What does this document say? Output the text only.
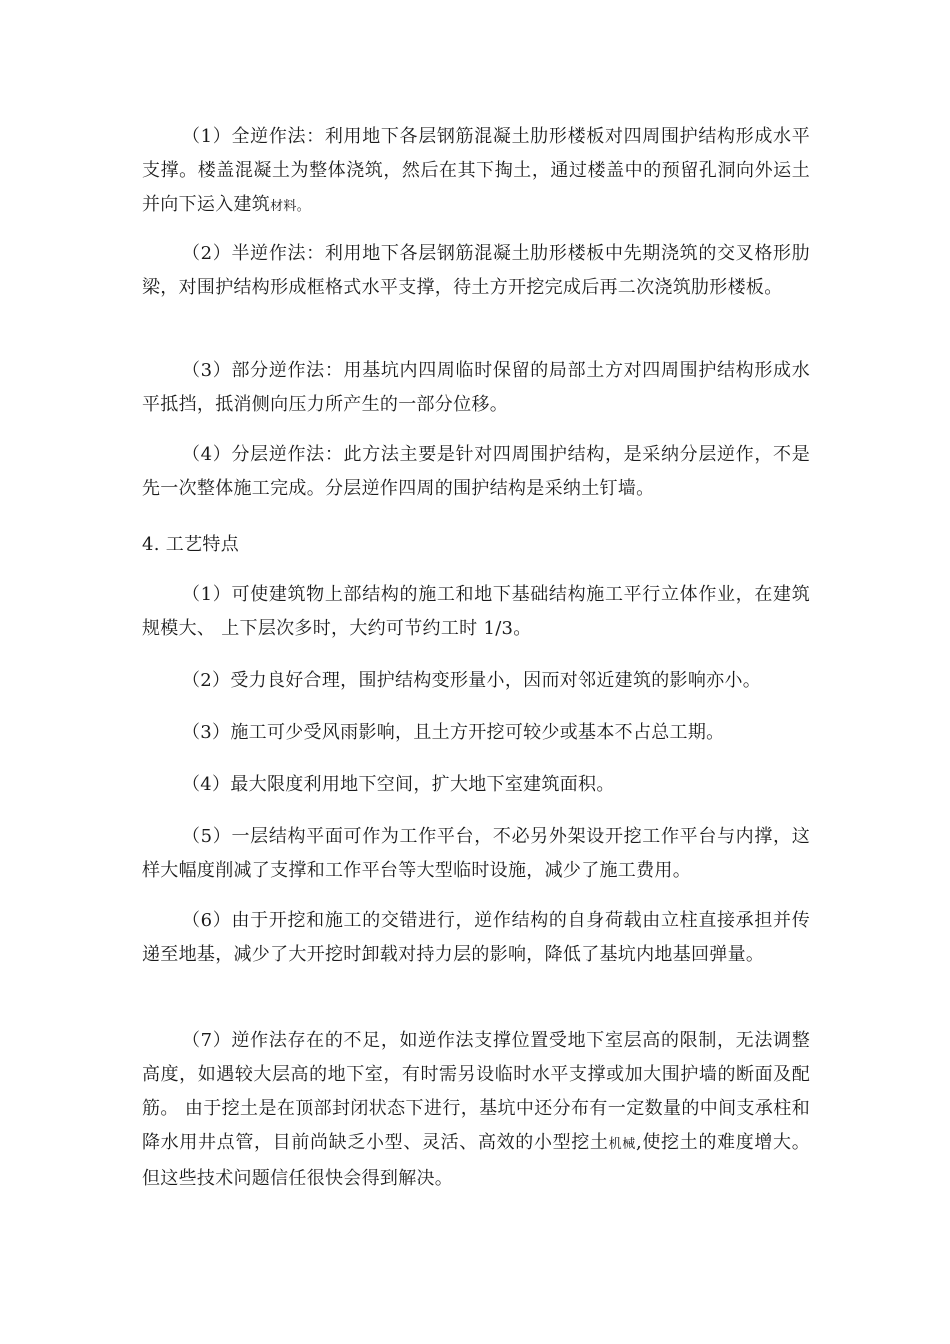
（1）全逆作法：利用地下各层钢筋混凝土肋形楼板对四周围护结构形成水平支撑。楼盖混凝土为整体浇筑，然后在其下掏土，通过楼盖中的预留孔洞向外运土并向下运入建筑材料。

（2）半逆作法：利用地下各层钢筋混凝土肋形楼板中先期浇筑的交叉格形肋梁，对围护结构形成框格式水平支撑，待土方开挖完成后再二次浇筑肋形楼板。

（3）部分逆作法：用基坑内四周临时保留的局部土方对四周围护结构形成水平抵挡，抵消侧向压力所产生的一部分位移。

（4）分层逆作法：此方法主要是针对四周围护结构，是采纳分层逆作，不是先一次整体施工完成。分层逆作四周的围护结构是采纳土钉墙。

4. 工艺特点

（1）可使建筑物上部结构的施工和地下基础结构施工平行立体作业，在建筑规模大、 上下层次多时，大约可节约工时 1/3。

（2）受力良好合理，围护结构变形量小，因而对邻近建筑的影响亦小。

（3）施工可少受风雨影响，且土方开挖可较少或基本不占总工期。

（4）最大限度利用地下空间，扩大地下室建筑面积。

（5）一层结构平面可作为工作平台，不必另外架设开挖工作平台与内撑，这样大幅度削减了支撑和工作平台等大型临时设施，减少了施工费用。

（6）由于开挖和施工的交错进行，逆作结构的自身荷载由立柱直接承担并传递至地基，减少了大开挖时卸载对持力层的影响，降低了基坑内地基回弹量。

（7）逆作法存在的不足，如逆作法支撑位置受地下室层高的限制，无法调整高度，如遇较大层高的地下室，有时需另设临时水平支撑或加大围护墙的断面及配筋。 由于挖土是在顶部封闭状态下进行，基坑中还分布有一定数量的中间支承柱和降水用井点管，目前尚缺乏小型、灵活、高效的小型挖土机械,使挖土的难度增大。但这些技术问题信任很快会得到解决。
